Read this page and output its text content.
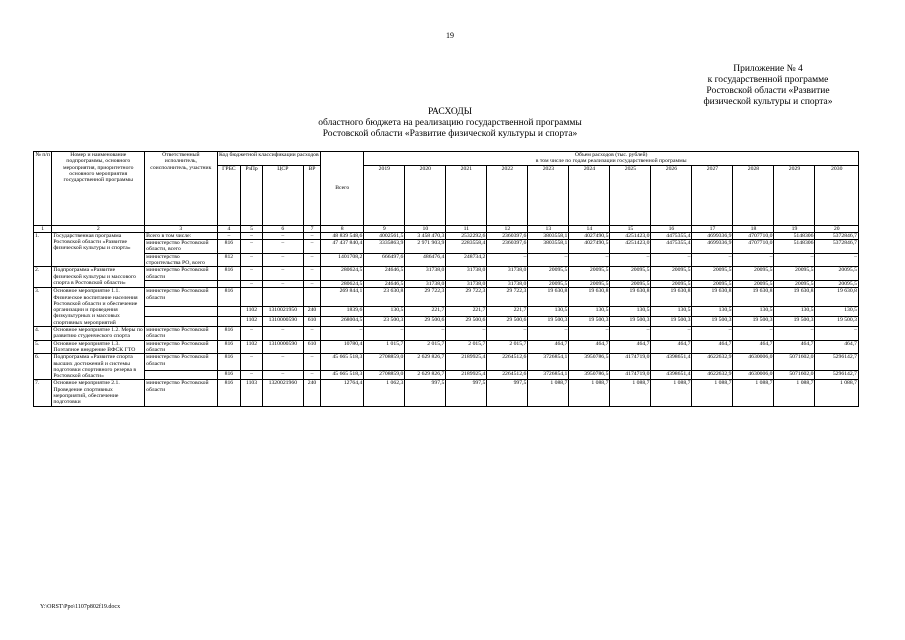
19
Приложение № 4
к государственной программе
Ростовской области «Развитие
физической культуры и спорта»
РАСХОДЫ
областного бюджета на реализацию государственной программы
Ростовской области «Развитие физической культуры и спорта»
№ п/п	Номер и наименование подпрограммы, основного мероприятия, приоритетного основного мероприятия государственной программы	Ответственный исполнитель, соисполнитель, участник	Код бюджетной классификации расходов				Всего	Объем расходов (тыс. рублей)
в том числе по годам реализации государственной программы											

			ГРБС	РзПр	ЦСР	ВР		2019	2020	2021	2022	2023	2024	2025	2026	2027	2028	2029	2030
1	2	3	4	5	6	7	8	9	10	11	12	13	14	15	16	17	18	19	20
1.	Государственная программа Ростовской области «Развитие физической культуры и спорта»	Всего в том числе:	–	–	–	–	48 839 548,6	4002561,5	3 458 470,3	2532292,6	2360397,6	3803558,1	4027490,5	4251423,0	4475355,4	4699336,9	4707710,0	5148306	5372846,7
		министерство Ростовской области, всего	816	–	–	–	47 437 840,4	3335863,9	2 971 903,9	2283558,4	2360397,6	3803558,1	4027490,5	4251423,0	4475355,4	4699336,9	4707710,0	5148306	5372846,7
		министерство строительства РО, всего	812	–	–	–	1401708,2	666497,6	486476,4	248734,2	–	–	–	–	–	–	–	–	–
2.	Подпрограмма «Развитие физической культуры и массового спорта в Ростовской области»	министерство Ростовской области	816	–	–	–	280624,5	24646,5	31738,0	31738,0	31738,0	20095,5	20095,5	20095,5	20095,5	20095,5	20095,5	20095,5	20095,5
				–	–	–	280624,5	24646,5	31738,0	31738,0	31738,0	20095,5	20095,5	20095,5	20095,5	20095,5	20095,5	20095,5	20095,5
3.	Основное мероприятие 1.1. Физическое воспитание населения Ростовской области и обеспечение организации и проведения физкультурных и массовых спортивных мероприятий	министерство Ростовской области	816				269 844,1	23 630,8	29 722,3	29 722,3	29 722,3	19 630,8	19 630,8	19 630,8	19 630,8	19 630,8	19 630,8	19 630,8	19 630,8
				1102	1310021950	240	1839,6	130,5	221,7	221,7	221,7	130,5	130,5	130,5	130,5	130,5	130,5	130,5	130,5
				1102	1310000590	610	268004,5	23 500,3	29 500,6	29 500,6	29 500,6	19 500,3	19 500,3	19 500,3	19 500,3	19 500,3	19 500,3	19 500,3	19 500,3
4.	Основное мероприятие 1.2. Меры по развитию студенческого спорта	министерство Ростовской области	816	–	–	–	–	–	–	–	–	–	–	–	–	–	–	–	–
5.	Основное мероприятие 1.3. Поэтапное внедрение ВФСК ГТО	министерство Ростовской области	816	1102	1310000590	610	10780,4	1 015,7	2 015,7	2 015,7	2 015,7	464,7	464,7	464,7	464,7	464,7	464,7	464,7	464,7
6.	Подпрограмма «Развитие спорта высших достижений и системы подготовки спортивного резерва в Ростовской области»	министерство Ростовской области	816	–	–	–	45 665 518,3	2708859,0	2 629 826,7	2189925,4	2264512,6	3726854,1	3950786,5	4174719,0	4398651,4	4622632,9	4630006,0	5071602,0	5296142,7
			816	–	–	–	45 665 518,3	2708859,0	2 629 826,7	2189925,4	2264512,6	3726854,1	3950786,5	4174719,0	4398651,4	4622632,9	4630006,0	5071602,0	5296142,7
7.	Основное мероприятие 2.1. Проведение спортивных мероприятий, обеспечение подготовки	министерство Ростовской области	816	1103	1320021960	240	12764,4	1 062,3	997,5	997,5	997,5	1 088,7	1 088,7	1 088,7	1 088,7	1 088,7	1 088,7	1 088,7	1 088,7
Y:\ORST\Ppo\1107p802f19.docx
